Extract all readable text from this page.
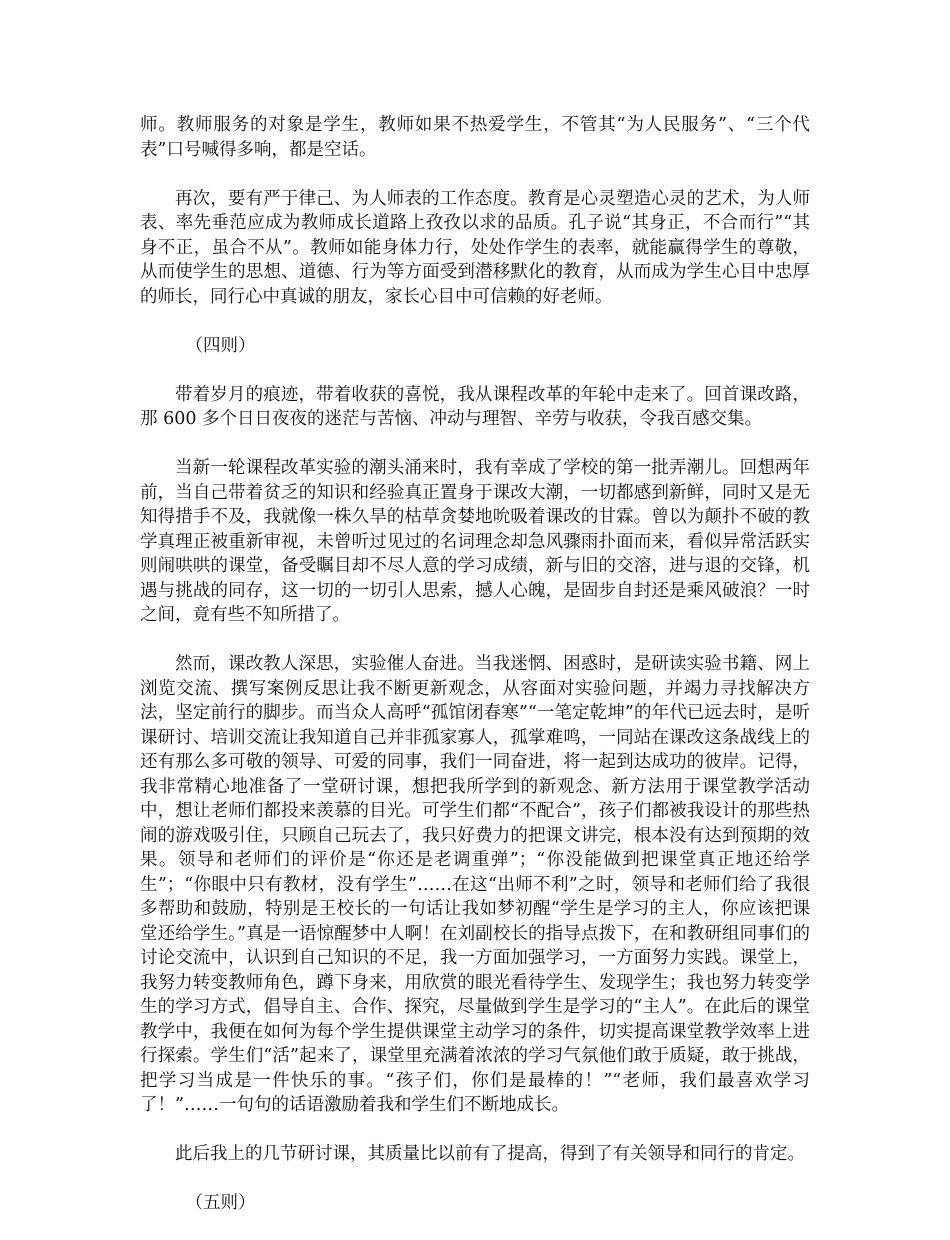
师。教师服务的对象是学生，教师如果不热爱学生，不管其“为人民服务”、“三个代表”口号喊得多响，都是空话。

再次，要有严于律己、为人师表的工作态度。教育是心灵塑造心灵的艺术，为人师表、率先垂范应成为教师成长道路上孜孜以求的品质。孔子说“其身正，不合而行”“其身不正，虽合不从”。教师如能身体力行，处处作学生的表率，就能赢得学生的尊敬，从而使学生的思想、道德、行为等方面受到潜移默化的教育，从而成为学生心目中忠厚的师长，同行心中真诚的朋友，家长心目中可信赖的好老师。

（四则）

带着岁月的痕迹，带着收获的喜悦，我从课程改革的年轮中走来了。回首课改路，那 600 多个日日夜夜的迷茫与苦恼、冲动与理智、辛劳与收获，令我百感交集。

当新一轮课程改革实验的潮头涌来时，我有幸成了学校的第一批弄潮儿。回想两年前，当自己带着贫乏的知识和经验真正置身于课改大潮，一切都感到新鲜，同时又是无知得措手不及，我就像一株久旱的枯草贪婪地吮吸着课改的甘霖。曾以为颠扑不破的教学真理正被重新审视，未曾听过见过的名词理念却急风骤雨扑面而来，看似异常活跃实则闹哄哄的课堂，备受瞩目却不尽人意的学习成绩，新与旧的交溶，进与退的交锋，机遇与挑战的同存，这一切的一切引人思索，撼人心魄，是固步自封还是乘风破浪？一时之间，竟有些不知所措了。

然而，课改教人深思，实验催人奋进。当我迷惘、困惑时，是研读实验书籍、网上浏览交流、撰写案例反思让我不断更新观念，从容面对实验问题，并竭力寻找解决方法，坚定前行的脚步。而当众人高呼“孤馆闭春寒”“一笔定乾坤”的年代已远去时，是听课研讨、培训交流让我知道自己并非孤家寡人，孤掌难鸣，一同站在课改这条战线上的还有那么多可敬的领导、可爱的同事，我们一同奋进，将一起到达成功的彼岸。记得，我非常精心地准备了一堂研讨课，想把我所学到的新观念、新方法用于课堂教学活动中，想让老师们都投来羡慕的目光。可学生们都“不配合”，孩子们都被我设计的那些热闹的游戏吸引住，只顾自己玩去了，我只好费力的把课文讲完，根本没有达到预期的效果。领导和老师们的评价是“你还是老调重弹”；“你没能做到把课堂真正地还给学生”；“你眼中只有教材，没有学生”……在这“出师不利”之时，领导和老师们给了我很多帮助和鼓励，特别是王校长的一句话让我如梦初醒“学生是学习的主人，你应该把课堂还给学生。”真是一语惊醒梦中人啊！在刘副校长的指导点拨下，在和教研组同事们的讨论交流中，认识到自己知识的不足，我一方面加强学习，一方面努力实践。课堂上，我努力转变教师角色，蹲下身来，用欣赏的眼光看待学生、发现学生；我也努力转变学生的学习方式，倡导自主、合作、探究，尽量做到学生是学习的“主人”。在此后的课堂教学中，我便在如何为每个学生提供课堂主动学习的条件，切实提高课堂教学效率上进行探索。学生们“活”起来了，课堂里充满着浓浓的学习气氛他们敢于质疑，敢于挑战，把学习当成是一件快乐的事。“孩子们，你们是最棒的！”“老师，我们最喜欢学习了！”……一句句的话语激励着我和学生们不断地成长。

此后我上的几节研讨课，其质量比以前有了提高，得到了有关领导和同行的肯定。

（五则）
